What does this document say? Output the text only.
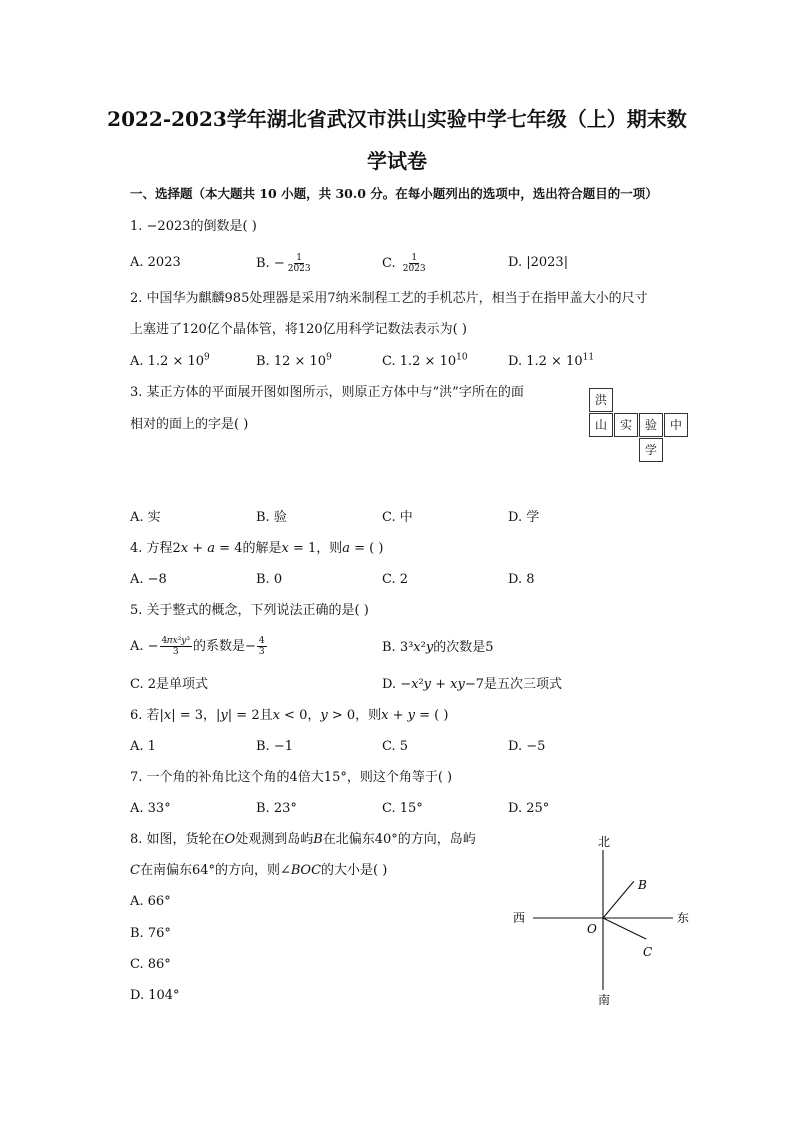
2022-2023学年湖北省武汉市洪山实验中学七年级（上）期末数
学试卷
一、选择题（本大题共 10 小题，共 30.0 分。在每小题列出的选项中，选出符合题目的一项）
1. −2023的倒数是( )
A. 2023	B. − $\frac{1}{2023}$	C. $\frac{1}{2023}$	D. |2023|
2. 中国华为麒麟985处理器是采用7纳米制程工艺的手机芯片，相当于在指甲盖大小的尺寸
上塞进了120亿个晶体管，将120亿用科学记数法表示为( )
A. $1.2 \times 10^9$	B. $12 \times 10^9$	C. $1.2 \times 10^{10}$	D. $1.2 \times 10^{11}$
3. 某正方体的平面展开图如图所示，则原正方体中与“洪”字所在的面
相对的面上的字是( )
洪
山	实	验	中
学
A. 实	B. 验	C. 中	D. 学
4. 方程2𝑥 + 𝑎 = 4的解是𝑥 = 1，则𝑎 = ( )
A. −8	B. 0	C. 2	D. 8
5. 关于整式的概念，下列说法正确的是( )
A. − $\frac{\text{4𝜋𝑥²𝑦³}}{3}$ 的系数是− $\frac{4}{3}$	B. 3³𝑥²𝑦的次数是5
C. 2是单项式	D. −𝑥²𝑦 + 𝑥𝑦−7是五次三项式
6. 若|𝑥| = 3，|𝑦| = 2且𝑥 < 0，𝑦 > 0，则𝑥 + 𝑦 = ( )
A. 1	B. −1	C. 5	D. −5
7. 一个角的补角比这个角的4倍大15°，则这个角等于( )
A. 33°	B. 23°	C. 15°	D. 25°
8. 如图，货轮在𝑂处观测到岛屿𝐵在北偏东40°的方向，岛屿
𝐶在南偏东64°的方向，则∠𝐵𝑂𝐶的大小是( )
A. 66°
B. 76°
C. 86°
D. 104°
北
南
西	东
𝑂
𝐵
𝐶
